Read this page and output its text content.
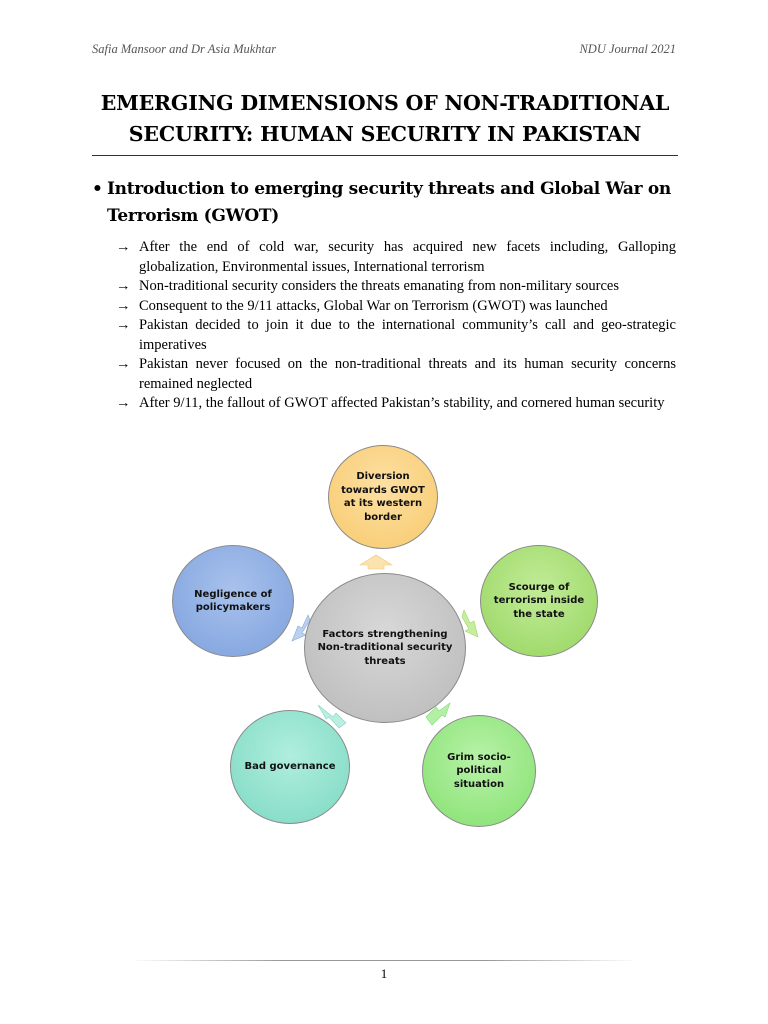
Safia Mansoor and Dr Asia Mukhtar	NDU Journal 2021
EMERGING DIMENSIONS OF NON-TRADITIONAL
SECURITY: HUMAN SECURITY IN PAKISTAN
• Introduction to emerging security threats and Global War on Terrorism (GWOT)
→ After the end of cold war, security has acquired new facets including, Galloping globalization, Environmental issues, International terrorism
→ Non-traditional security considers the threats emanating from non-military sources
→ Consequent to the 9/11 attacks, Global War on Terrorism (GWOT) was launched
→ Pakistan decided to join it due to the international community’s call and geo-strategic imperatives
→ Pakistan never focused on the non-traditional threats and its human security concerns remained neglected
→ After 9/11, the fallout of GWOT affected Pakistan’s stability, and cornered human security
Factors strengthening Non-traditional security threats
Diversion towards GWOT at its western border
Scourge of terrorism inside the state
Grim socio-political situation
Bad governance
Negligence of policymakers
1
